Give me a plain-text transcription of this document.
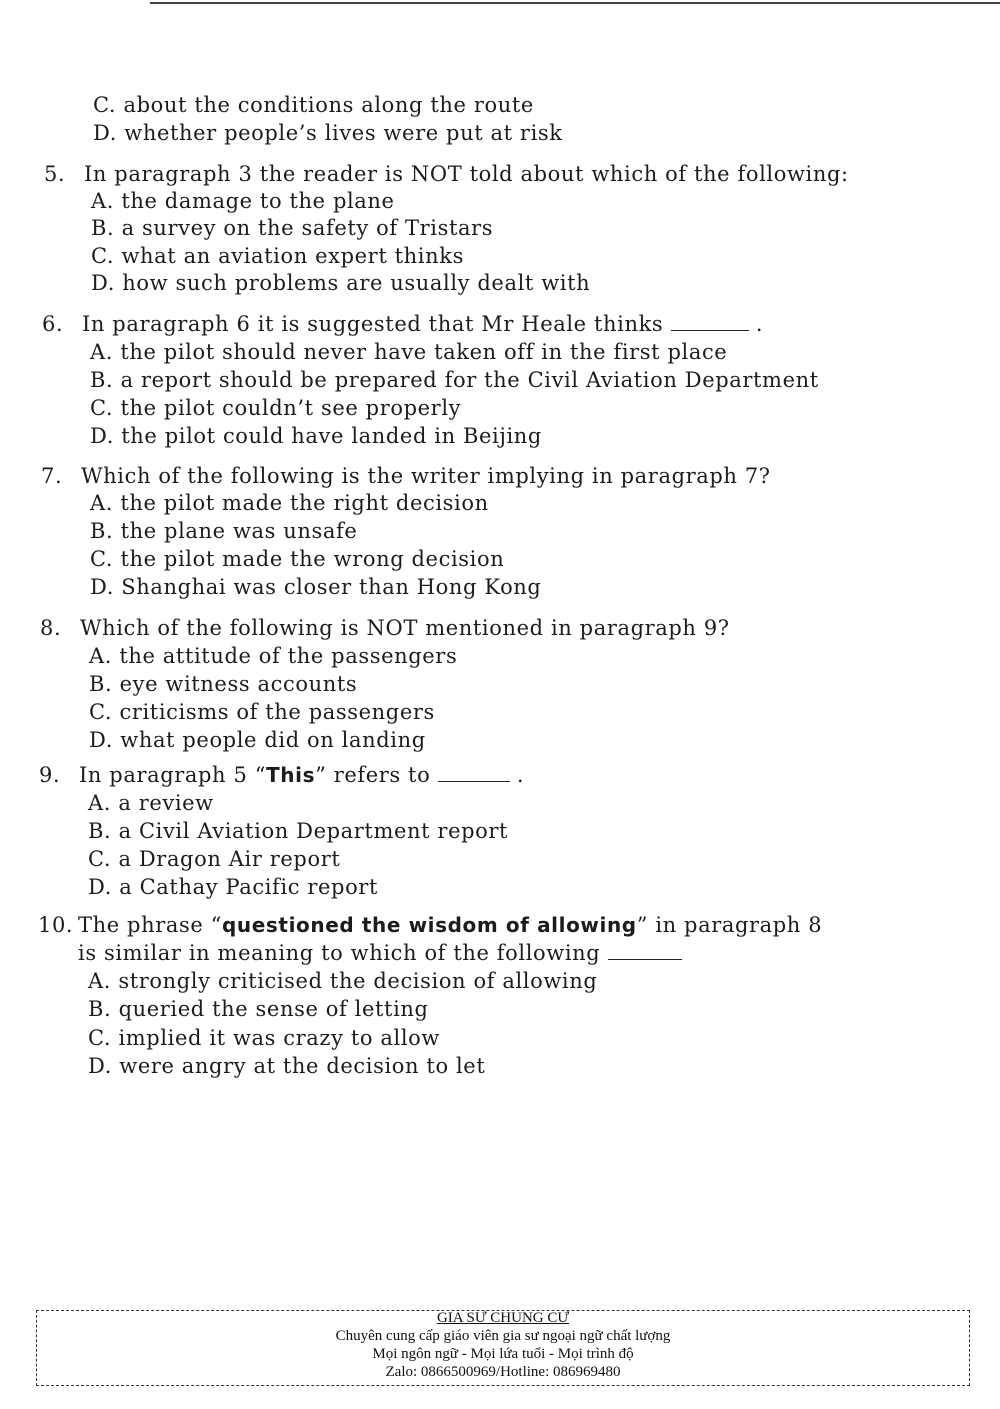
C. about the conditions along the route
D. whether people’s lives were put at risk
5. In paragraph 3 the reader is NOT told about which of the following:
A. the damage to the plane
B. a survey on the safety of Tristars
C. what an aviation expert thinks
D. how such problems are usually dealt with
6. In paragraph 6 it is suggested that Mr Heale thinks	.
A. the pilot should never have taken off in the first place
B. a report should be prepared for the Civil Aviation Department
C. the pilot couldn’t see properly
D. the pilot could have landed in Beijing
7. Which of the following is the writer implying in paragraph 7?
A. the pilot made the right decision
B. the plane was unsafe
C. the pilot made the wrong decision
D. Shanghai was closer than Hong Kong
8. Which of the following is NOT mentioned in paragraph 9?
A. the attitude of the passengers
B. eye witness accounts
C. criticisms of the passengers
D. what people did on landing
9. In paragraph 5 “This” refers to	.
A. a review
B. a Civil Aviation Department report
C. a Dragon Air report
D. a Cathay Pacific report
10. The phrase “questioned the wisdom of allowing” in paragraph 8
is similar in meaning to which of the following
A. strongly criticised the decision of allowing
B. queried the sense of letting
C. implied it was crazy to allow
D. were angry at the decision to let
GIA SƯ CHUNG CƯ
Chuyên cung cấp giáo viên gia sư ngoại ngữ chất lượng
Mọi ngôn ngữ - Mọi lứa tuổi - Mọi trình độ
Zalo: 0866500969/Hotline: 086969480
